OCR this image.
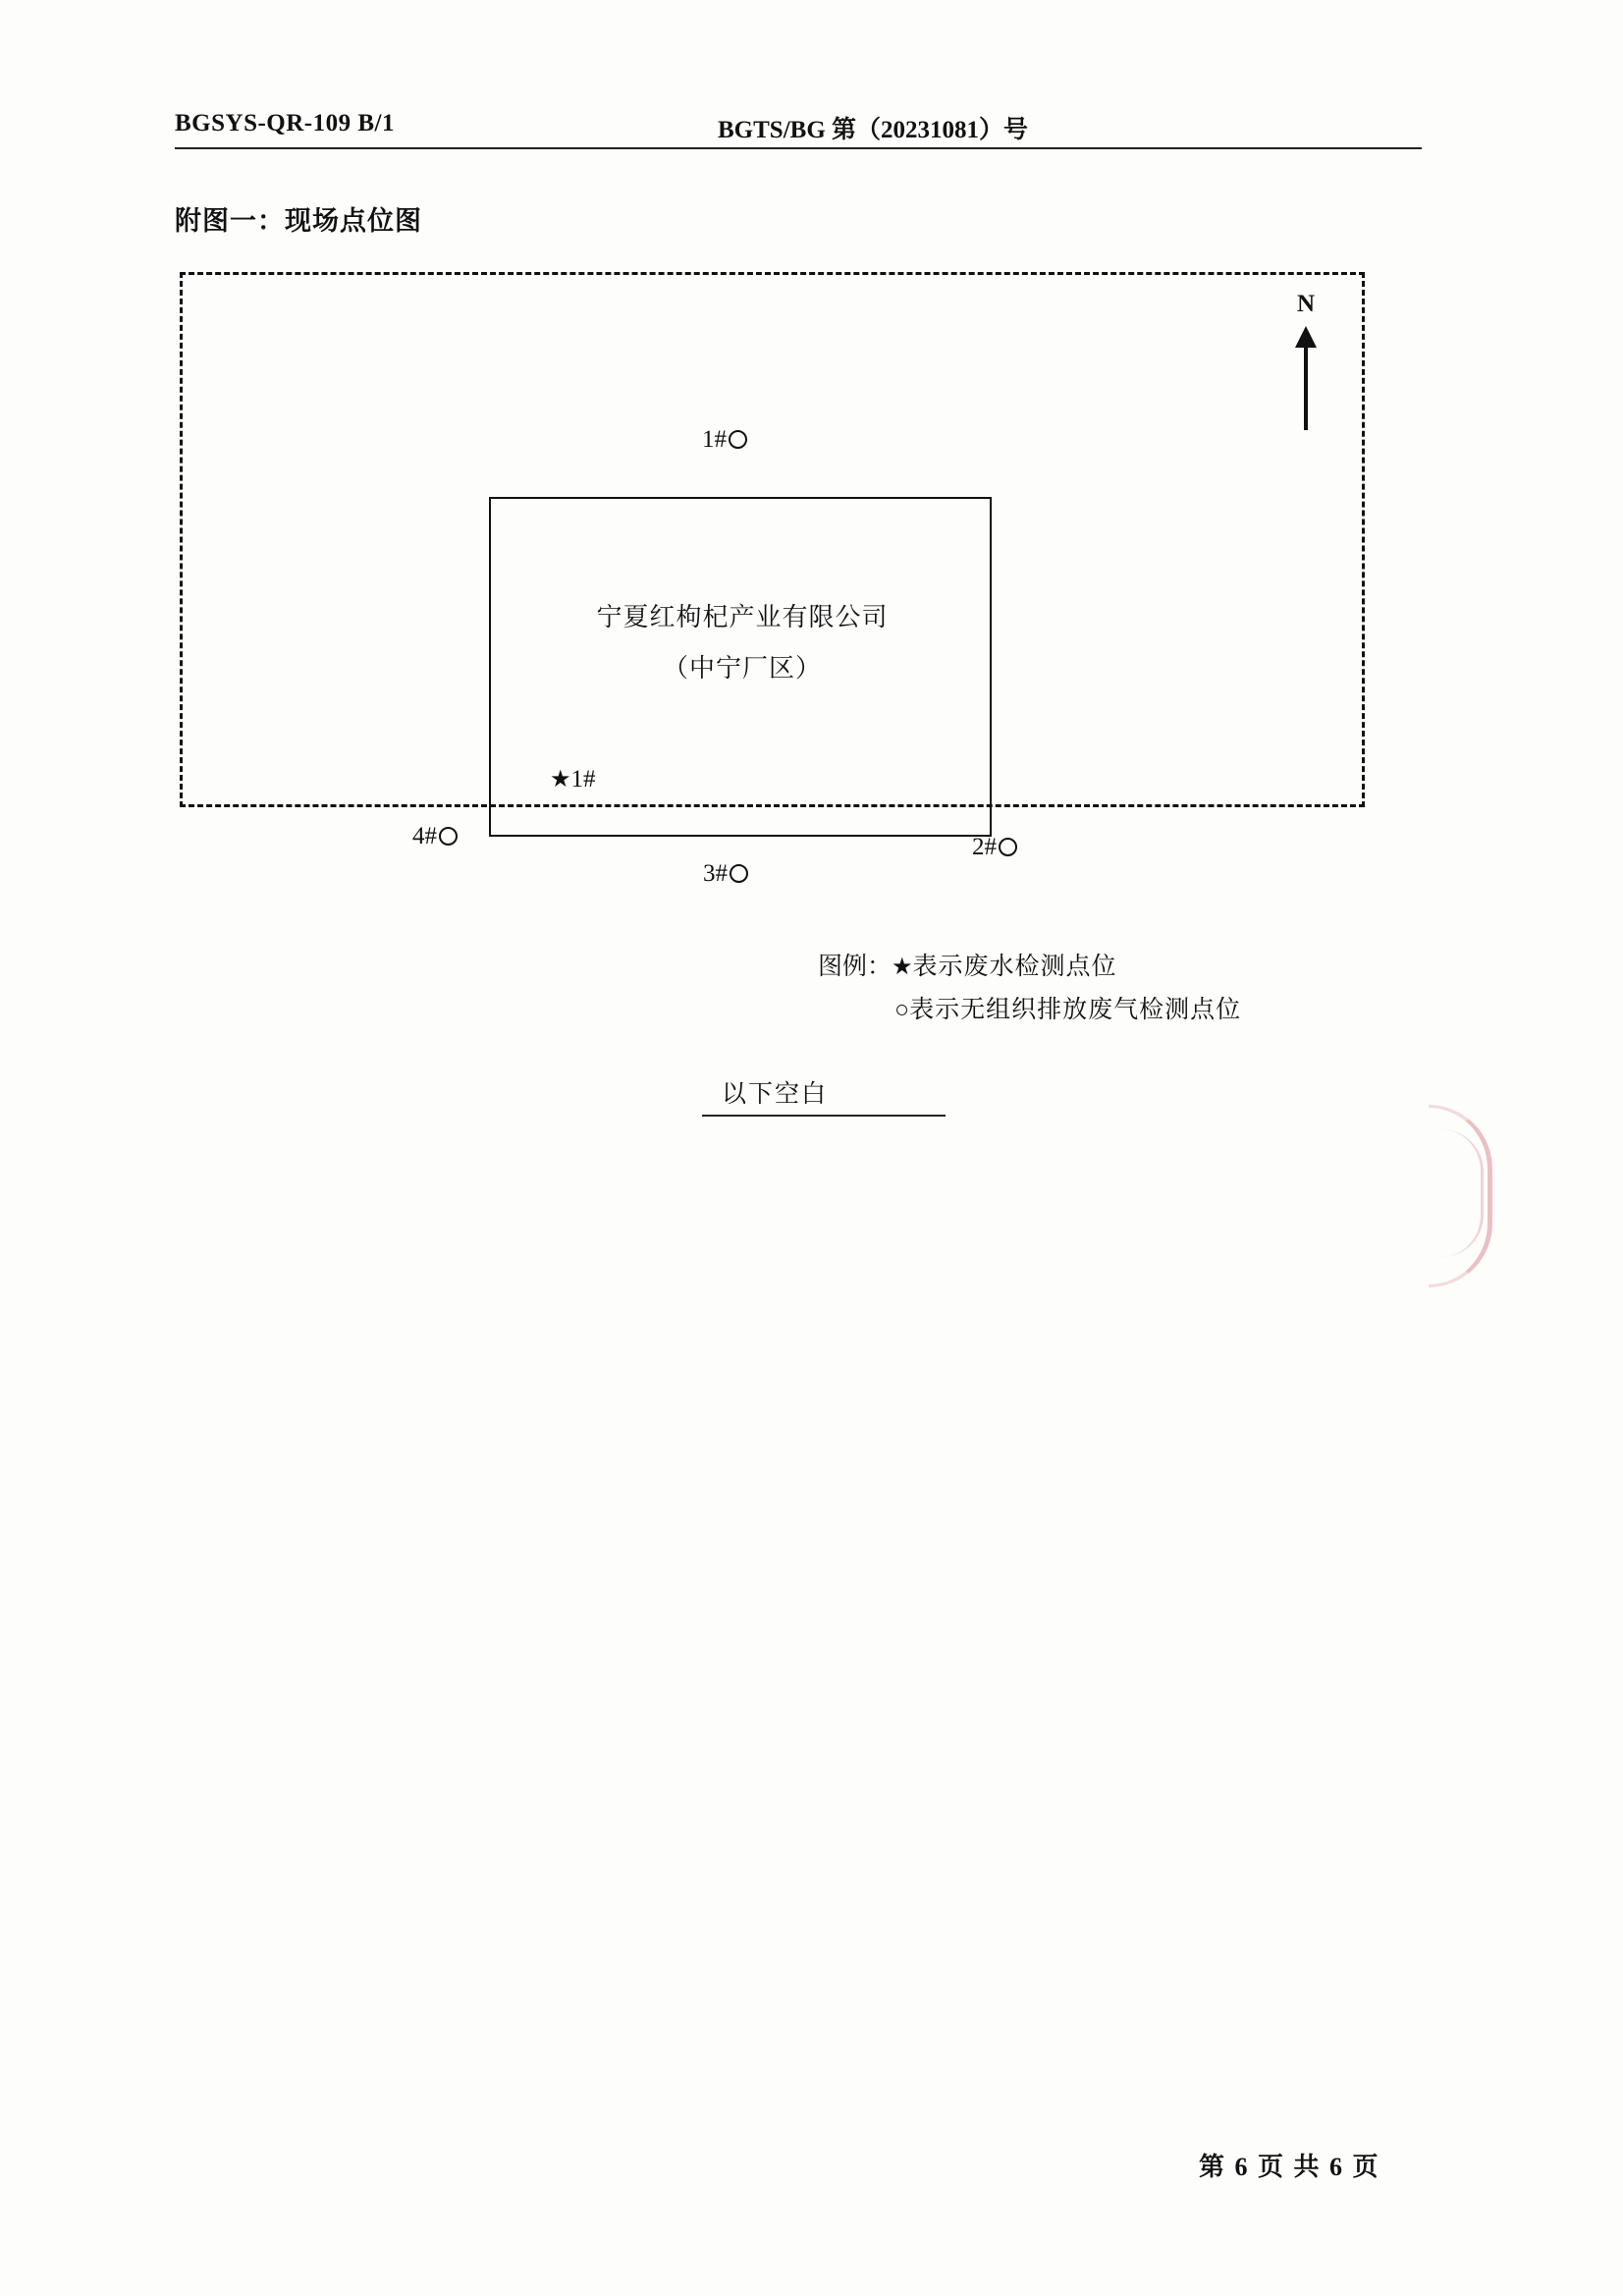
BGSYS-QR-109 B/1	BGTS/BG 第（20231081）号
附图一：现场点位图
N
宁夏红枸杞产业有限公司
（中宁厂区）
1#
2#
3#
4#
★1#
图例：★表示废水检测点位
○表示无组织排放废气检测点位
以下空白
第 6 页 共 6 页
